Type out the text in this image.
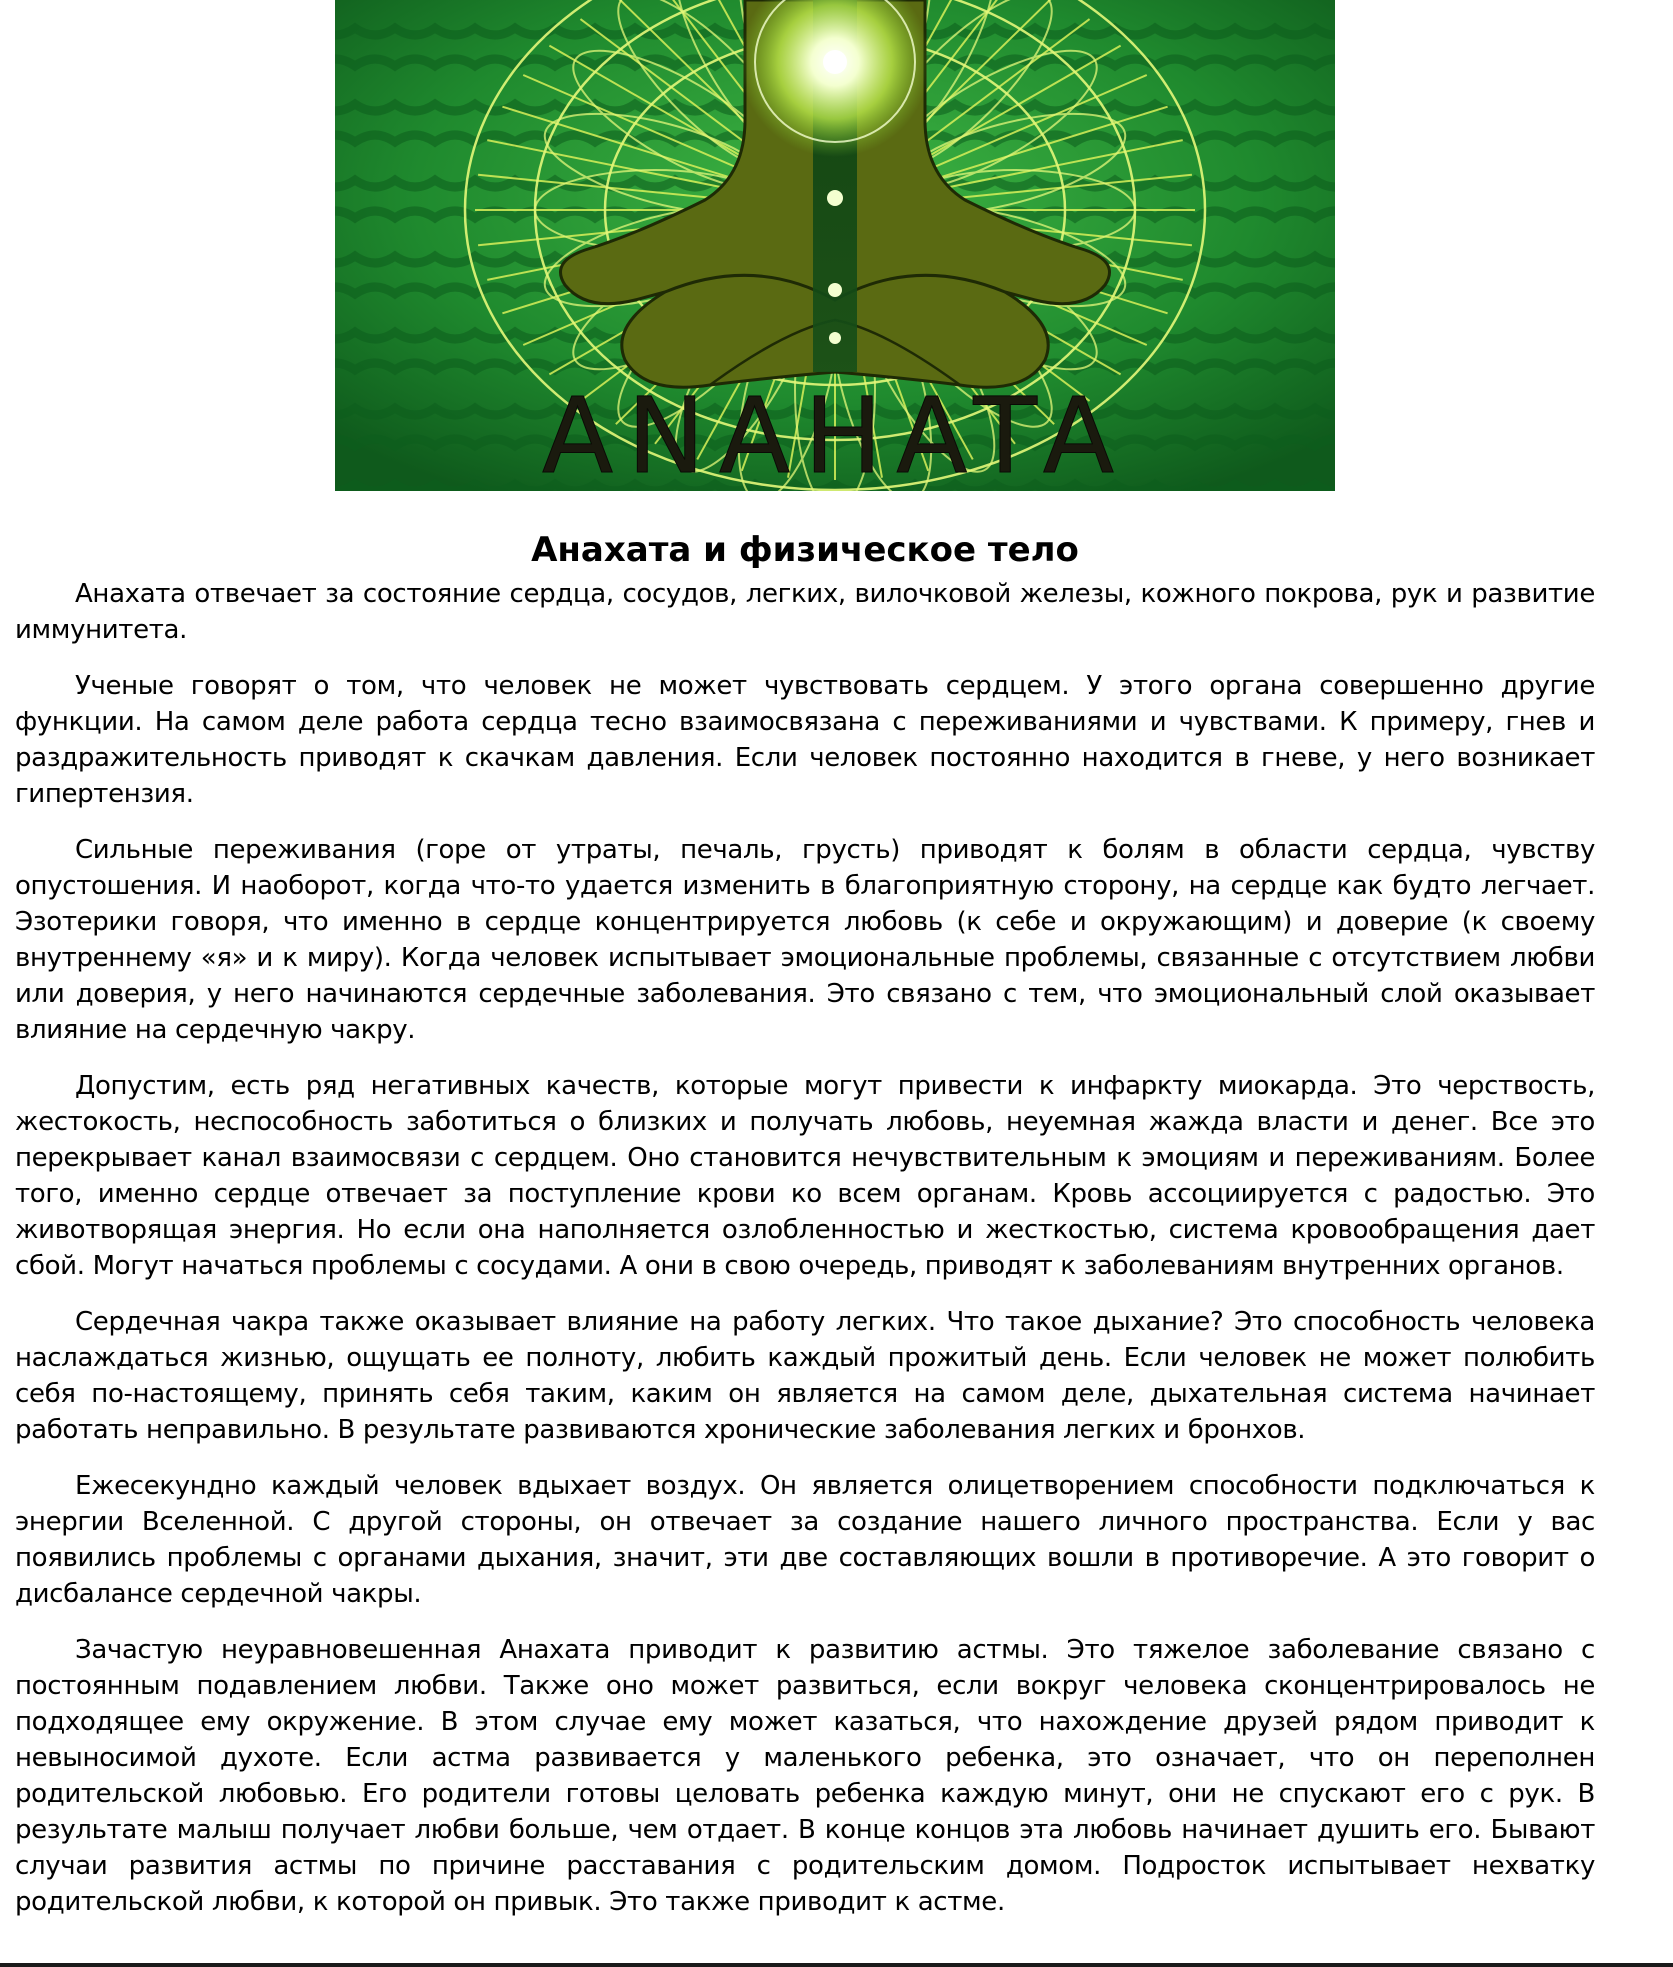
ANAHATA
Анахата и физическое тело

Анахата отвечает за состояние сердца, сосудов, легких, вилочковой железы, кожного покрова, рук и развитие иммунитета.

Ученые говорят о том, что человек не может чувствовать сердцем. У этого органа совершенно другие функции. На самом деле работа сердца тесно взаимосвязана с переживаниями и чувствами. К примеру, гнев и раздражительность приводят к скачкам давления. Если человек постоянно находится в гневе, у него возникает гипертензия.

Сильные переживания (горе от утраты, печаль, грусть) приводят к болям в области сердца, чувству опустошения. И наоборот, когда что-то удается изменить в благоприятную сторону, на сердце как будто легчает. Эзотерики говоря, что именно в сердце концентрируется любовь (к себе и окружающим) и доверие (к своему внутреннему «я» и к миру). Когда человек испытывает эмоциональные проблемы, связанные с отсутствием любви или доверия, у него начинаются сердечные заболевания. Это связано с тем, что эмоциональный слой оказывает влияние на сердечную чакру.

Допустим, есть ряд негативных качеств, которые могут привести к инфаркту миокарда. Это черствость, жестокость, неспособность заботиться о близких и получать любовь, неуемная жажда власти и денег. Все это перекрывает канал взаимосвязи с сердцем. Оно становится нечувствительным к эмоциям и переживаниям. Более того, именно сердце отвечает за поступление крови ко всем органам. Кровь ассоциируется с радостью. Это животворящая энергия. Но если она наполняется озлобленностью и жесткостью, система кровообращения дает сбой. Могут начаться проблемы с сосудами. А они в свою очередь, приводят к заболеваниям внутренних органов.

Сердечная чакра также оказывает влияние на работу легких. Что такое дыхание? Это способность человека наслаждаться жизнью, ощущать ее полноту, любить каждый прожитый день. Если человек не может полюбить себя по-настоящему, принять себя таким, каким он является на самом деле, дыхательная система начинает работать неправильно. В результате развиваются хронические заболевания легких и бронхов.

Ежесекундно каждый человек вдыхает воздух. Он является олицетворением способности подключаться к энергии Вселенной. С другой стороны, он отвечает за создание нашего личного пространства. Если у вас появились проблемы с органами дыхания, значит, эти две составляющих вошли в противоречие. А это говорит о дисбалансе сердечной чакры.

Зачастую неуравновешенная Анахата приводит к развитию астмы. Это тяжелое заболевание связано с постоянным подавлением любви. Также оно может развиться, если вокруг человека сконцентрировалось не подходящее ему окружение. В этом случае ему может казаться, что нахождение друзей рядом приводит к невыносимой духоте. Если астма развивается у маленького ребенка, это означает, что он переполнен родительской любовью. Его родители готовы целовать ребенка каждую минут, они не спускают его с рук. В результате малыш получает любви больше, чем отдает. В конце концов эта любовь начинает душить его. Бывают случаи развития астмы по причине расставания с родительским домом. Подросток испытывает нехватку родительской любви, к которой он привык. Это также приводит к астме.
